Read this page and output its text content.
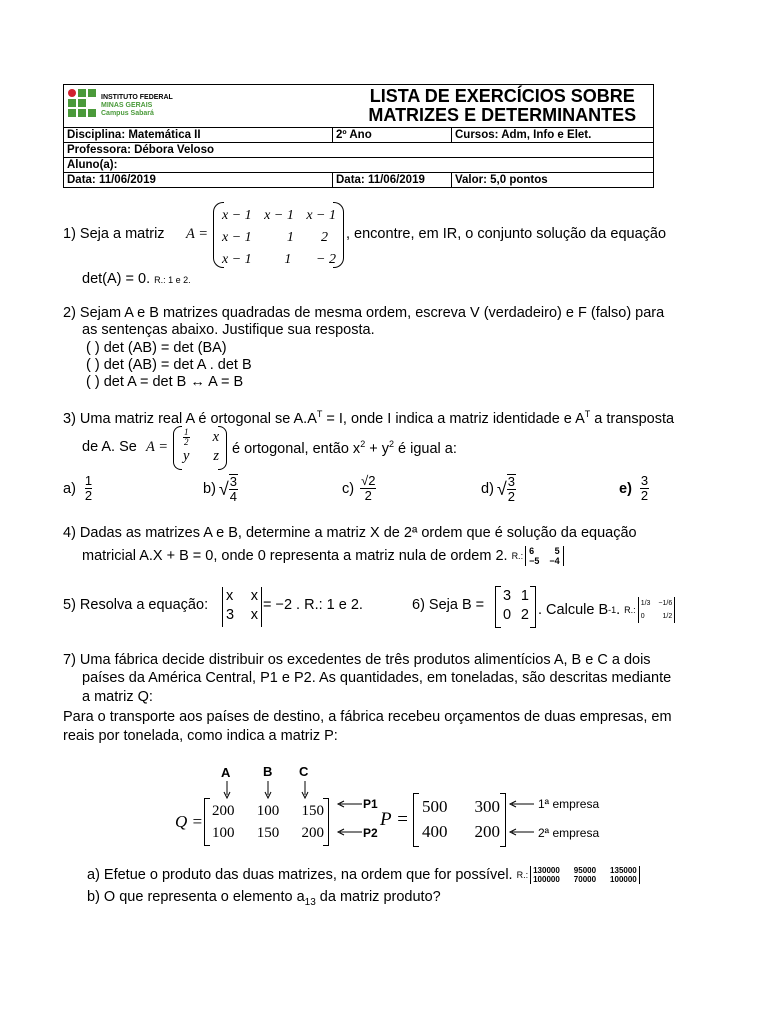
INSTITUTO FEDERAL
MINAS GERAIS
Campus Sabará		LISTA DE EXERCÍCIOS SOBRE MATRIZES E DETERMINANTES

Disciplina: Matemática II	2º Ano	Cursos: Adm, Info e Elet.
Professora: Débora Veloso		
Aluno(a):		
Data: 11/06/2019	Data: 11/06/2019	Valor: 5,0 pontos
1) Seja a matriz A =
x − 1 x − 1 x − 1
x − 1	1 2
x − 1 1 − 2
, encontre, em IR, o conjunto solução da equação
det(A) = 0. R.: 1 e 2.
2) Sejam A e B matrizes quadradas de mesma ordem, escreva V (verdadeiro) e F (falso) para
as sentenças abaixo. Justifique sua resposta.
( ) det (AB) = det (BA)
( ) det (AB) = det A . det B
( ) det A = det B ↔ A = B
3) Uma matriz real A é ortogonal se $A.A^T = I$, onde I indica a matriz identidade e $A^T$ a transposta
de A. Se A =
$\frac{1}{2}$ x
y z é ortogonal, então $x^2 + y^2$ é igual a:
$a) \frac{1}{2}$	b) √ $\frac{3}{4}$	$c) \frac{√2}{2}$	d) √ $\frac{3}{2}$	$e) \frac{3}{2}$
4) Dadas as matrizes A e B, determine a matriz X de 2ª ordem que é solução da equação
matricial A.X + B = 0, onde 0 representa a matriz nula de ordem 2. R.: 6 5
−5 −4
5) Resolva a equação:
x x
3 x
= −2 . R.: 1 e 2.	6) Seja B =
3 1
0 2 . Calcule B -1 . R.:
1/3 −1/6
0	1/2
7) Uma fábrica decide distribuir os excedentes de três produtos alimentícios A, B e C a dois
países da América Central, P1 e P2. As quantidades, em toneladas, são descritas mediante
a matriz Q:
Para o transporte aos países de destino, a fábrica recebeu orçamentos de duas empresas, em
reais por tonelada, como indica a matriz P:
A	B C
Q =
200 100 150
100 150 200
P1
P2
P =
500 300
400 200
1ª empresa
2ª empresa
a) Efetue o produto das duas matrizes, na ordem que for possível. R.: 130000 95000 135000
100000 70000 100000
b) O que representa o elemento $a_{13}$ da matriz produto?
